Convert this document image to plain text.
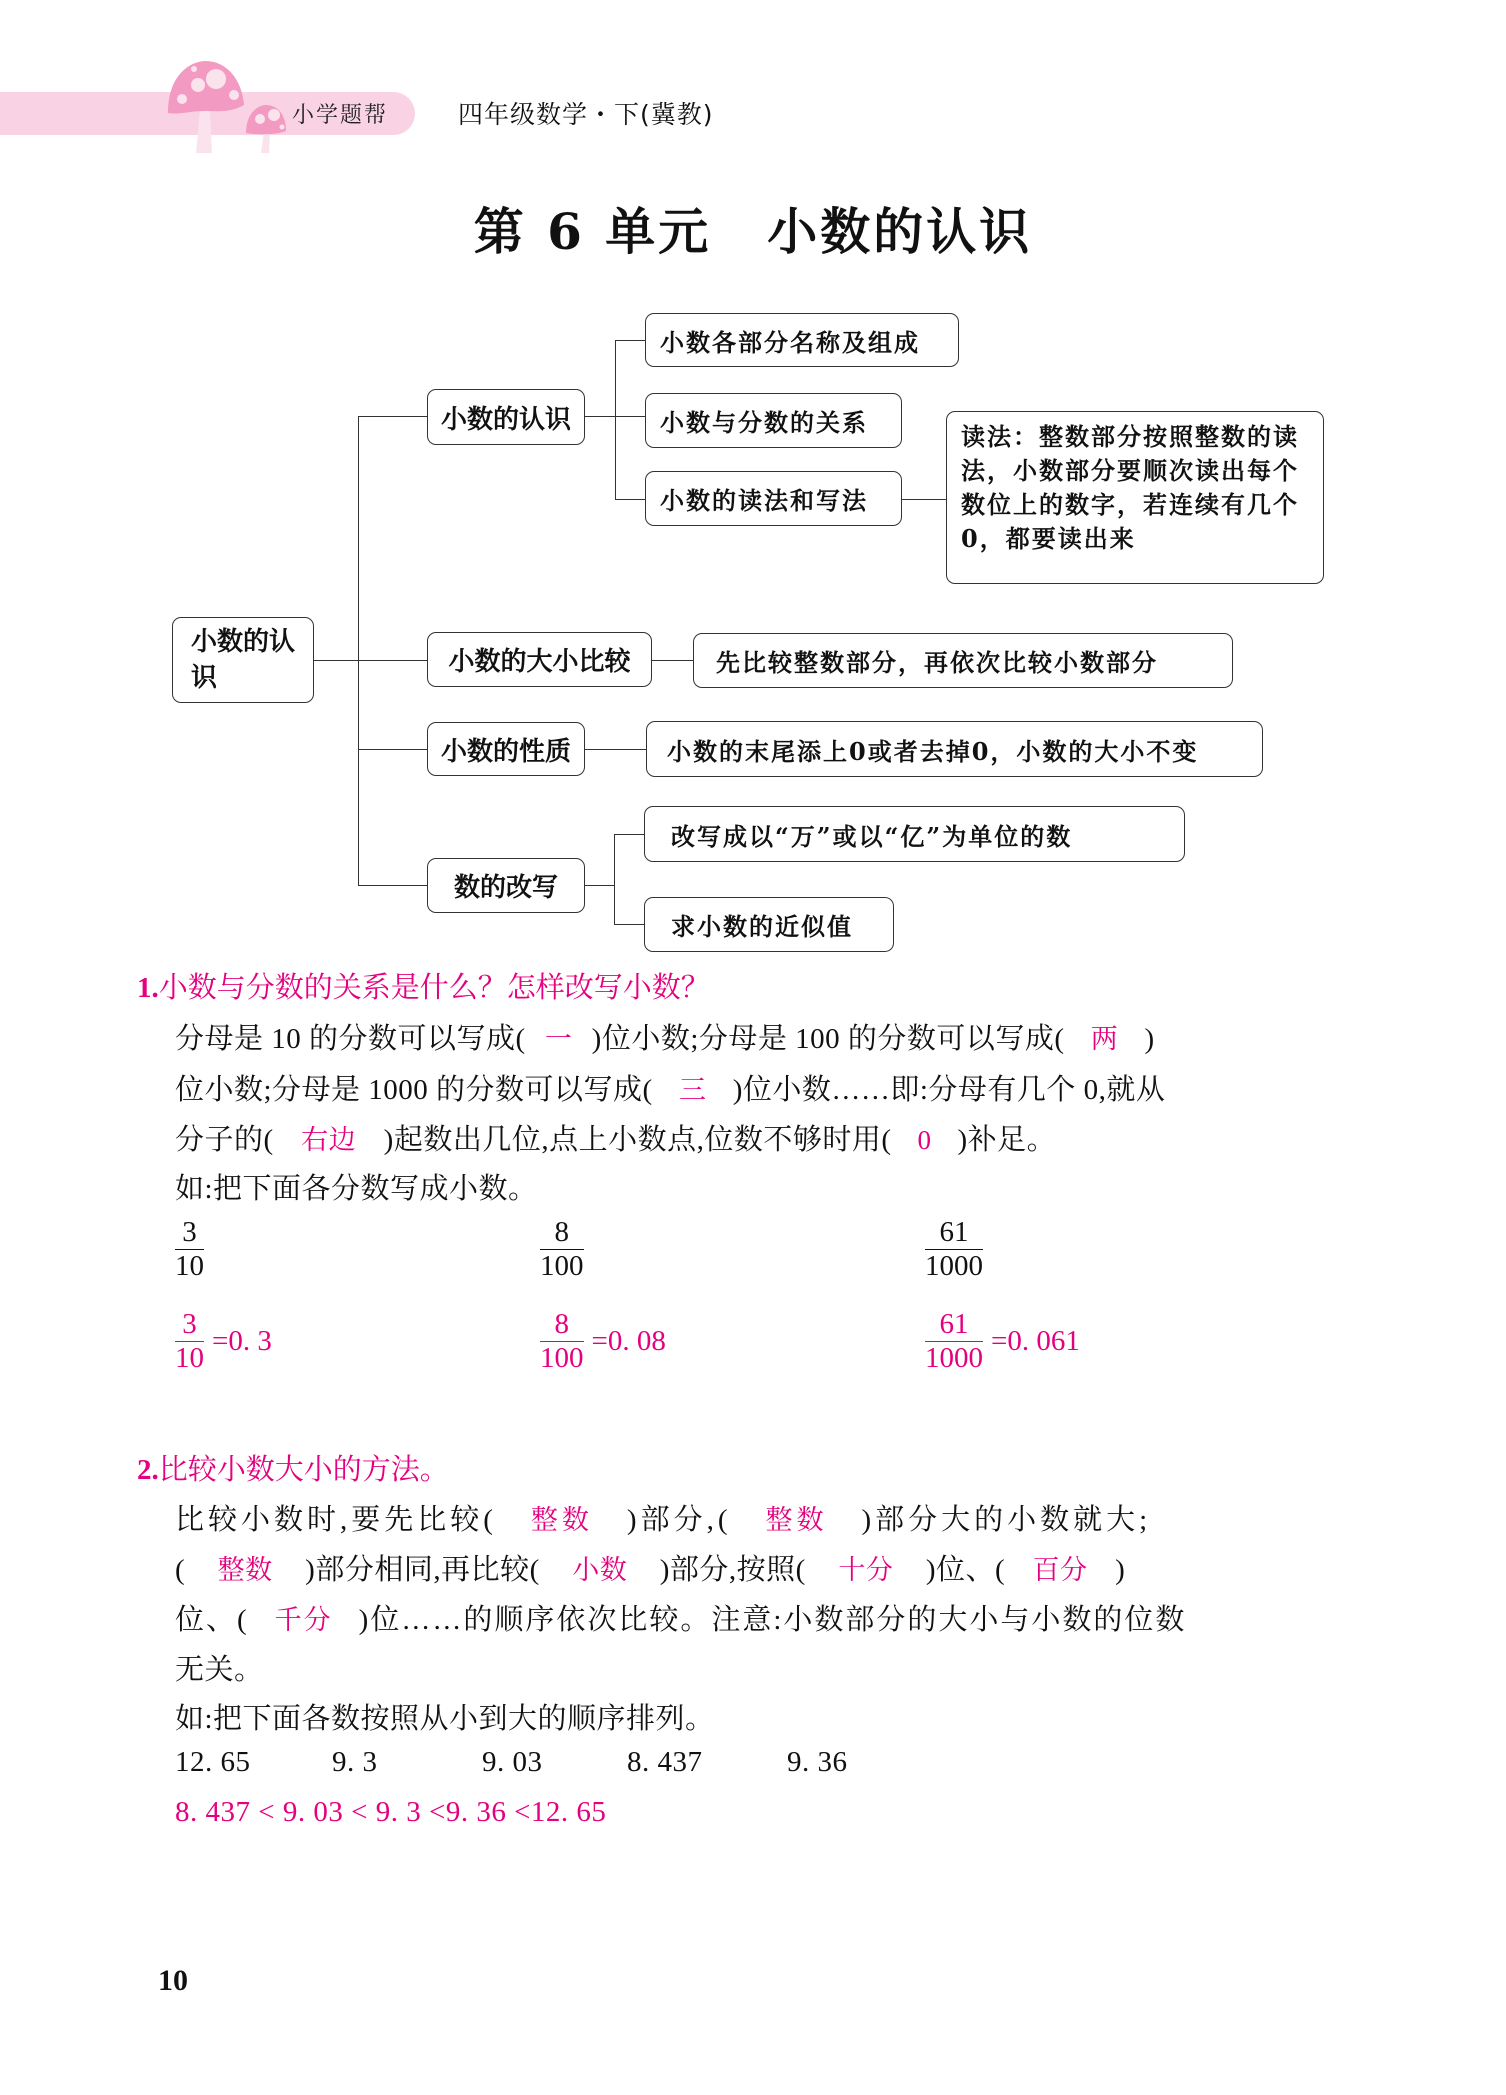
小学题帮	四年级数学・下(冀教)
第 6 单元 小数的认识
小数的认识
小数的认识
小数各部分名称及组成
小数与分数的关系
小数的读法和写法
读法：整数部分按照整数的读法，小数部分要顺次读出每个数位上的数字，若连续有几个0，都要读出来
小数的大小比较	先比较整数部分，再依次比较小数部分
小数的性质	小数的末尾添上0或者去掉0，小数的大小不变
数的改写
改写成以“万”或以“亿”为单位的数
求小数的近似值
1.小数与分数的关系是什么？怎样改写小数？
分母是 10 的分数可以写成( 一 )位小数;分母是 100 的分数可以写成( 两 )
位小数;分母是 1000 的分数可以写成( 三 )位小数……即:分母有几个 0,就从
分子的( 右边 )起数出几位,点上小数点,位数不够时用( 0 )补足。
如:把下面各分数写成小数。
3
10
8
100
61
1000
$\frac{3}{10} =0$. 3	$\frac{8}{100} =0$. 08	$\frac{61}{1000} =0$. 061
2.比较小数大小的方法。
比较小数时,要先比较( 整数 )部分,( 整数 )部分大的小数就大;
( 整数 )部分相同,再比较( 小数 )部分,按照( 十分 )位、( 百分 )
位、( 千分 )位……的顺序依次比较。注意:小数部分的大小与小数的位数
无关。
如:把下面各数按照从小到大的顺序排列。
12. 65	9. 3	9. 03	8. 437	9. 36
8. 437 < 9. 03 < 9. 3 <9. 36 <12. 65
10
